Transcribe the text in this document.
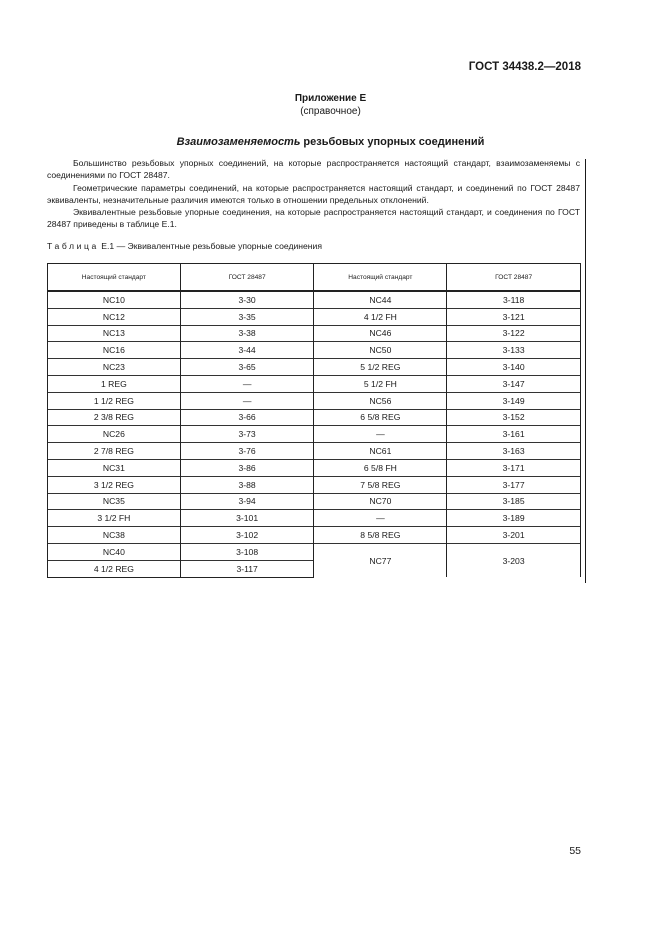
ГОСТ 34438.2—2018
Приложение Е
(справочное)
Взаимозаменяемость резьбовых упорных соединений

Большинство резьбовых упорных соединений, на которые распространяется настоящий стандарт, взаимозаменяемы с соединениями по ГОСТ 28487.

Геометрические параметры соединений, на которые распространяется настоящий стандарт, и соединений по ГОСТ 28487 эквиваленты, незначительные различия имеются только в отношении предельных отклонений.

Эквивалентные резьбовые упорные соединения, на которые распространяется настоящий стандарт, и соединения по ГОСТ 28487 приведены в таблице Е.1.

Таблица Е.1 — Эквивалентные резьбовые упорные соединения
Настоящий стандарт	ГОСТ 28487	Настоящий стандарт	ГОСТ 28487
NC10	3-30	NC44	3-118
NC12	3-35	4 1/2 FH	3-121
NC13	3-38	NC46	3-122
NC16	3-44	NC50	3-133
NC23	3-65	5 1/2 REG	3-140
1 REG	—	5 1/2 FH	3-147
1 1/2 REG	—	NC56	3-149
2 3/8 REG	3-66	6 5/8 REG	3-152
NC26	3-73	—	3-161
2 7/8 REG	3-76	NC61	3-163
NC31	3-86	6 5/8 FH	3-171
3 1/2 REG	3-88	7 5/8 REG	3-177
NC35	3-94	NC70	3-185
3 1/2 FH	3-101	—	3-189
NC38	3-102	8 5/8 REG	3-201
NC40	3-108	NC77	3-203
4 1/2 REG	3-117		
55
